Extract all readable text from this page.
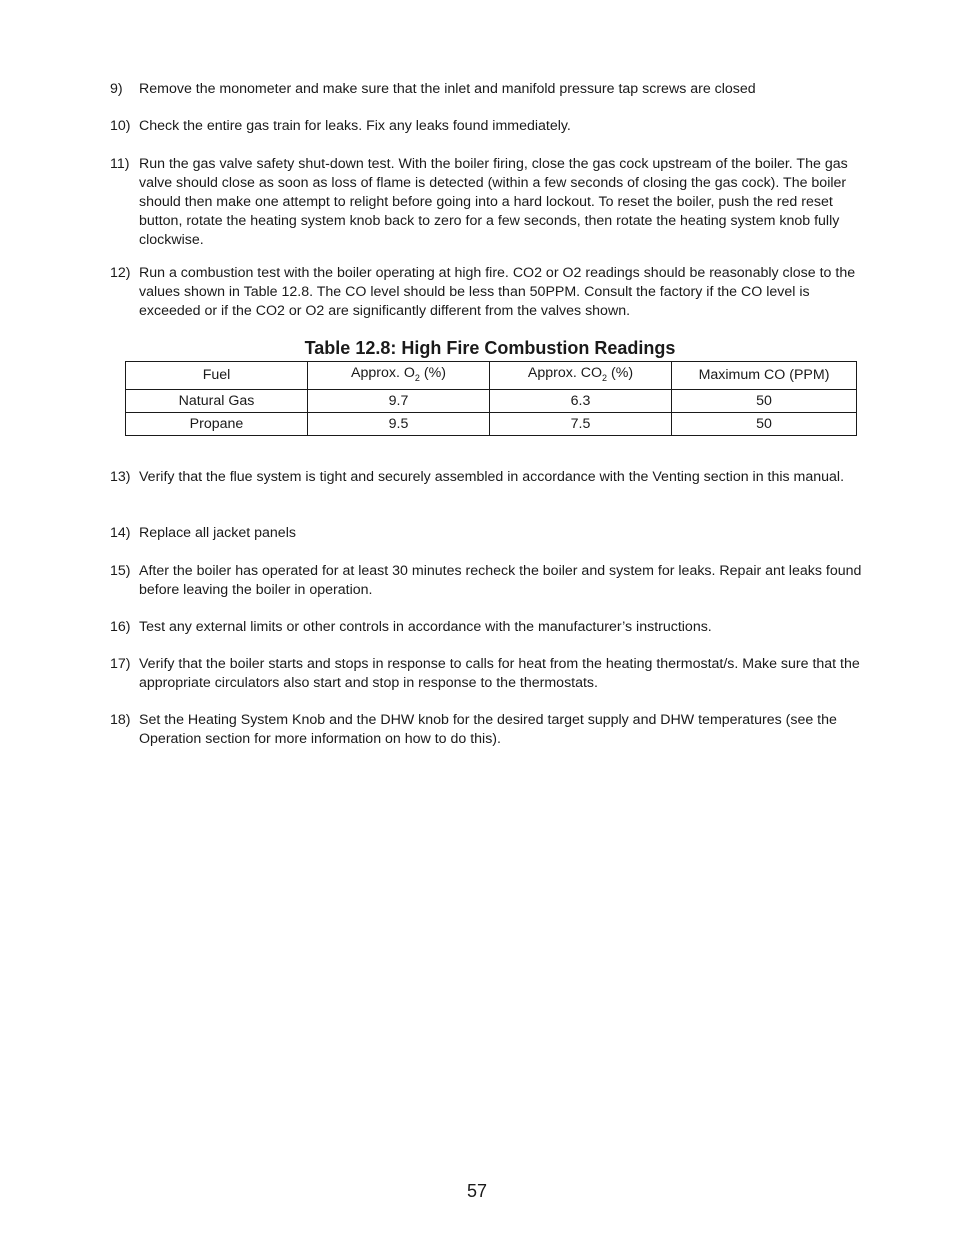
9)	Remove the monometer and make sure that the inlet and manifold pressure tap screws are closed
10) Check the entire gas train for leaks. Fix any leaks found immediately.
11) Run the gas valve safety shut-down test. With the boiler firing, close the gas cock upstream of the boiler. The gas valve should close as soon as loss of flame is detected (within a few seconds of closing the gas cock). The boiler should then make one attempt to relight before going into a hard lockout. To reset the boiler, push the red reset button, rotate the heating system knob back to zero for a few seconds, then rotate the heating system knob fully clockwise.
12) Run a combustion test with the boiler operating at high fire. CO2 or O2 readings should be reasonably close to the values shown in Table 12.8. The CO level should be less than 50PPM. Consult the factory if the CO level is exceeded or if the CO2 or O2 are significantly different from the valves shown.
Table 12.8: High Fire Combustion Readings
Fuel	Approx. $O_2$ (%)	Approx. $CO_2$ (%)	Maximum CO (PPM)
Natural Gas	9.7	6.3	50
Propane	9.5	7.5	50
13) Verify that the flue system is tight and securely assembled in accordance with the Venting section in this manual.
14) Replace all jacket panels
15) After the boiler has operated for at least 30 minutes recheck the boiler and system for leaks. Repair ant leaks found before leaving the boiler in operation.
16) Test any external limits or other controls in accordance with the manufacturer’s instructions.
17) Verify that the boiler starts and stops in response to calls for heat from the heating thermostat/s. Make sure that the appropriate circulators also start and stop in response to the thermostats.
18) Set the Heating System Knob and the DHW knob for the desired target supply and DHW temperatures (see the Operation section for more information on how to do this).
57
